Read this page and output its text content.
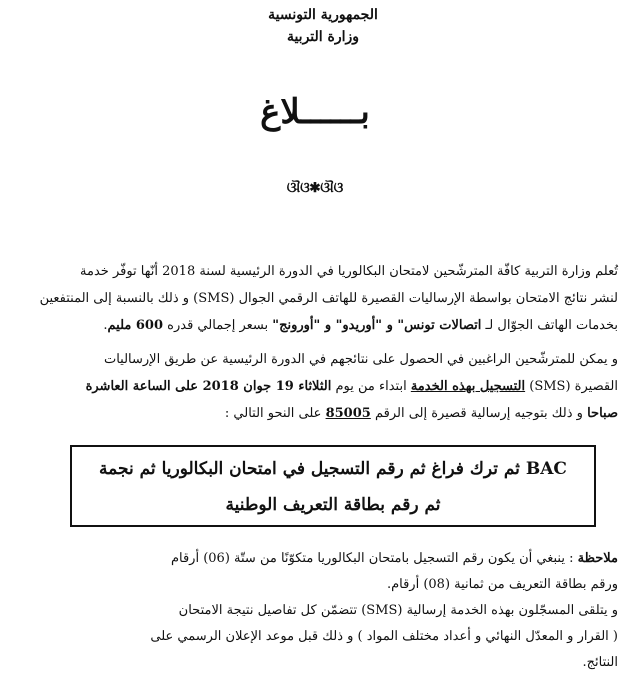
الجمهورية التونسية
وزارة التربية
بــــــلاغ
ଔଓ✱ଔଓ

تُعلم وزارة التربية كافّة المترشّحين لامتحان البكالوريا في الدورة الرئيسية لسنة 2018 أنّها توفّر خدمة

لنشر نتائج الامتحان بواسطة الإرساليات القصيرة للهاتف الرقمي الجوال (SMS) و ذلك بالنسبة إلى المنتفعين

بخدمات الهاتف الجوّال لـ اتصالات تونس" و "أوريدو" و "أورونج" بسعر إجمالي قدره 600 مليم.

و يمكن للمترشّحين الراغبين في الحصول على نتائجهم في الدورة الرئيسية عن طريق الإرساليات

القصيرة (SMS) التسجيل بهذه الخدمة ابتداء من يوم الثلاثاء 19 جوان 2018 على الساعة العاشرة

صباحا و ذلك بتوجيه إرسالية قصيرة إلى الرقم 85005 على النحو التالي :

BAC ثم ترك فراغ ثم رقم التسجيل في امتحان البكالوريا ثم نجمة
ثم رقم بطاقة التعريف الوطنية

ملاحظة : ينبغي أن يكون رقم التسجيل بامتحان البكالوريا متكوّنًا من ستّة (06) أرقام

ورقم بطاقة التعريف من ثمانية (08) أرقام.

و يتلقى المسجّلون بهذه الخدمة إرسالية (SMS) تتضمّن كل تفاصيل نتيجة الامتحان

( القرار و المعدّل النهائي و أعداد مختلف المواد ) و ذلك قبل موعد الإعلان الرسمي على

النتائج.
